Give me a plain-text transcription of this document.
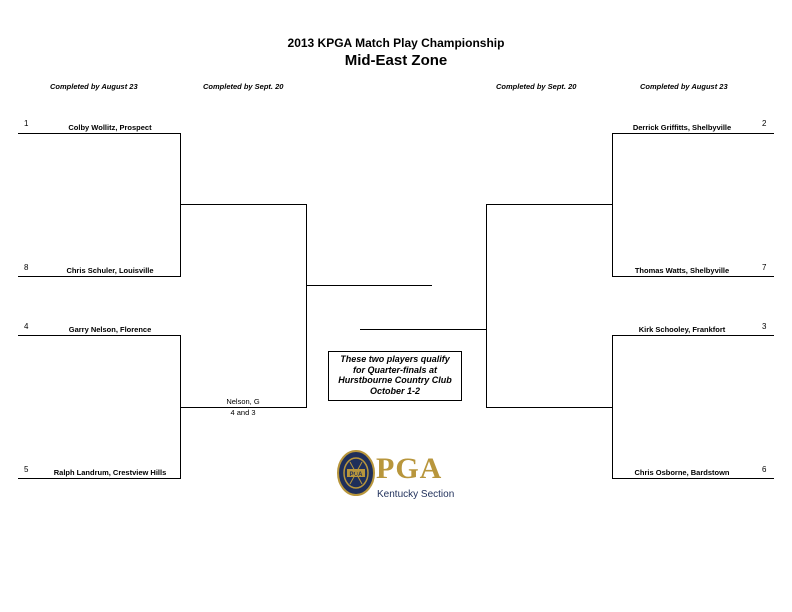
2013 KPGA Match Play Championship
Mid-East Zone
Completed by August 23	Completed by Sept. 20	Completed by Sept. 20	Completed by August 23
1	Colby Wollitz, Prospect
8	Chris Schuler, Louisville
4	Garry Nelson, Florence
5	Ralph Landrum, Crestview Hills
Nelson, G
4 and 3
2
Derrick Griffitts, Shelbyville
7
Thomas Watts, Shelbyville
3
Kirk Schooley, Frankfort
6
Chris Osborne, Bardstown
These two players qualify
for Quarter-finals at
Hurstbourne Country Club
October 1-2
PGA PGA
Kentucky Section
